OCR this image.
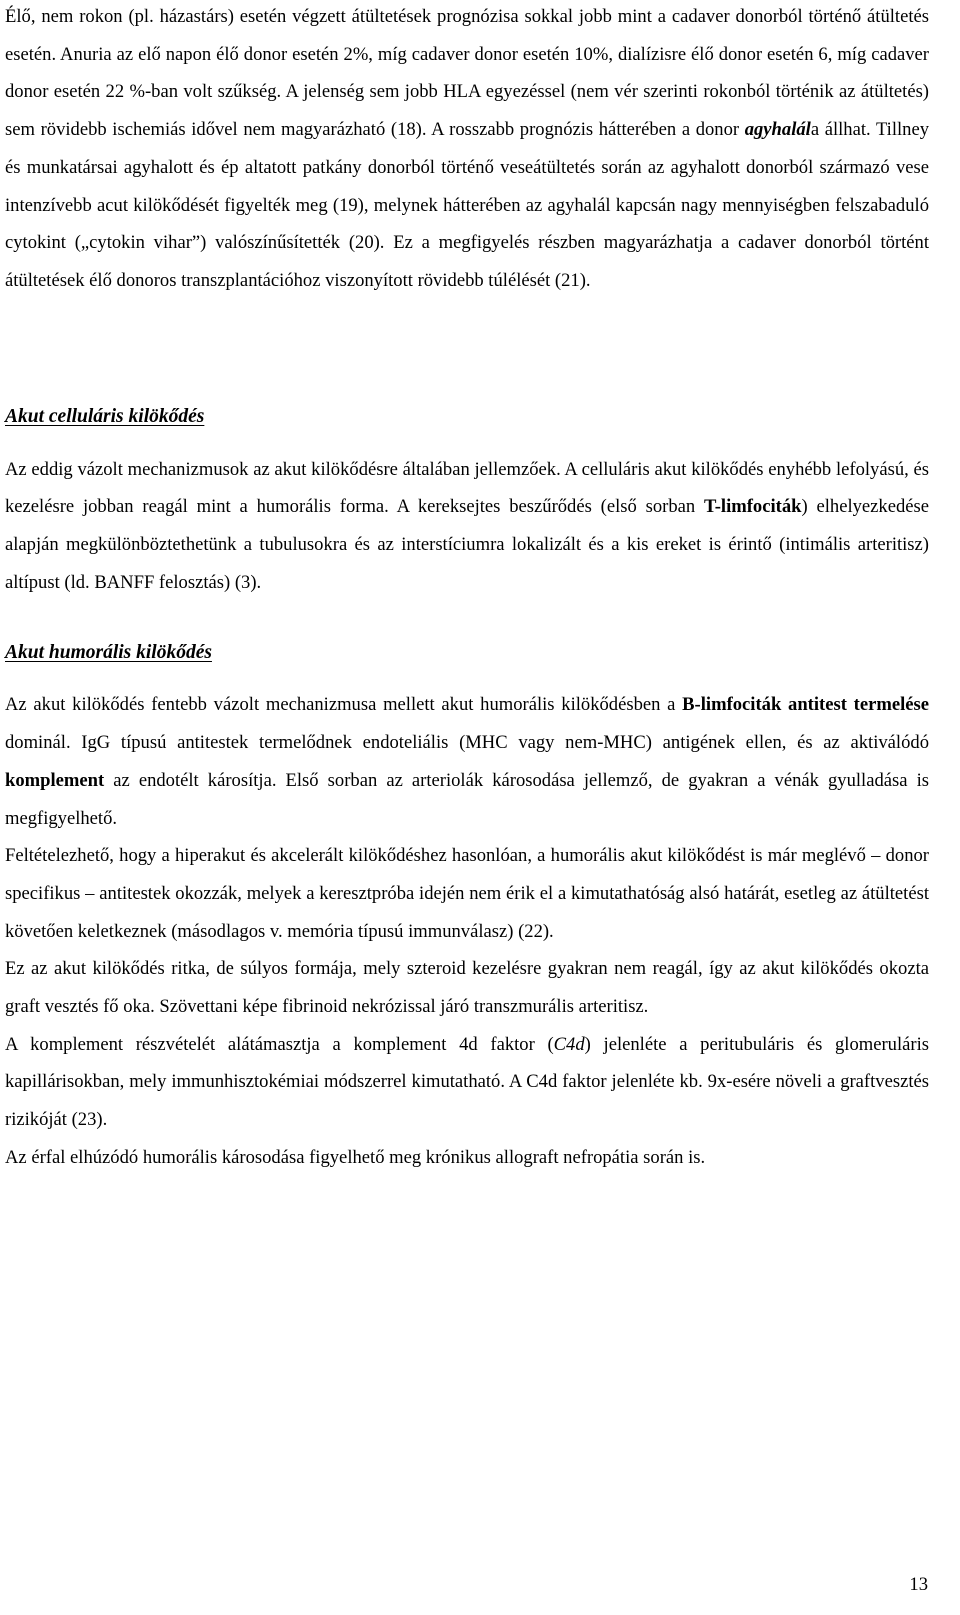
Élő, nem rokon (pl. házastárs) esetén végzett átültetések prognózisa sokkal jobb mint a cadaver donorból történő átültetés esetén. Anuria az elő napon élő donor esetén 2%, míg cadaver donor esetén 10%, dialízisre élő donor esetén 6, míg cadaver donor esetén 22 %-ban volt szűkség. A jelenség sem jobb HLA egyezéssel (nem vér szerinti rokonból történik az átültetés) sem rövidebb ischemiás idővel nem magyarázható (18). A rosszabb prognózis hátterében a donor agyhalála állhat. Tillney és munkatársai agyhalott és ép altatott patkány donorból történő veseátültetés során az agyhalott donorból származó vese intenzívebb acut kilökődését figyelték meg (19), melynek hátterében az agyhalál kapcsán nagy mennyiségben felszabaduló cytokint („cytokin vihar”) valószínűsítették (20). Ez a megfigyelés részben magyarázhatja a cadaver donorból történt átültetések élő donoros transzplantációhoz viszonyított rövidebb túlélését (21).

Akut celluláris kilökődés

Az eddig vázolt mechanizmusok az akut kilökődésre általában jellemzőek. A celluláris akut kilökődés enyhébb lefolyású, és kezelésre jobban reagál mint a humorális forma. A kereksejtes beszűrődés (első sorban T-limfociták) elhelyezkedése alapján megkülönböztethetünk a tubulusokra és az interstíciumra lokalizált és a kis ereket is érintő (intimális arteritisz) altípust (ld. BANFF felosztás) (3).

Akut humorális kilökődés

Az akut kilökődés fentebb vázolt mechanizmusa mellett akut humorális kilökődésben a B-limfociták antitest termelése dominál. IgG típusú antitestek termelődnek endoteliális (MHC vagy nem-MHC) antigének ellen, és az aktiválódó komplement az endotélt károsítja. Első sorban az arteriolák károsodása jellemző, de gyakran a vénák gyulladása is megfigyelhető.

Feltételezhető, hogy a hiperakut és akcelerált kilökődéshez hasonlóan, a humorális akut kilökődést is már meglévő – donor specifikus – antitestek okozzák, melyek a keresztpróba idején nem érik el a kimutathatóság alsó határát, esetleg az átültetést követően keletkeznek (másodlagos v. memória típusú immunválasz) (22).

Ez az akut kilökődés ritka, de súlyos formája, mely szteroid kezelésre gyakran nem reagál, így az akut kilökődés okozta graft vesztés fő oka. Szövettani képe fibrinoid nekrózissal járó transzmurális arteritisz.

A komplement részvételét alátámasztja a komplement 4d faktor (C4d) jelenléte a peritubuláris és glomeruláris kapillárisokban, mely immunhisztokémiai módszerrel kimutatható. A C4d faktor jelenléte kb. 9x-esére növeli a graftvesztés rizikóját (23).

Az érfal elhúzódó humorális károsodása figyelhető meg krónikus allograft nefropátia során is.

13
